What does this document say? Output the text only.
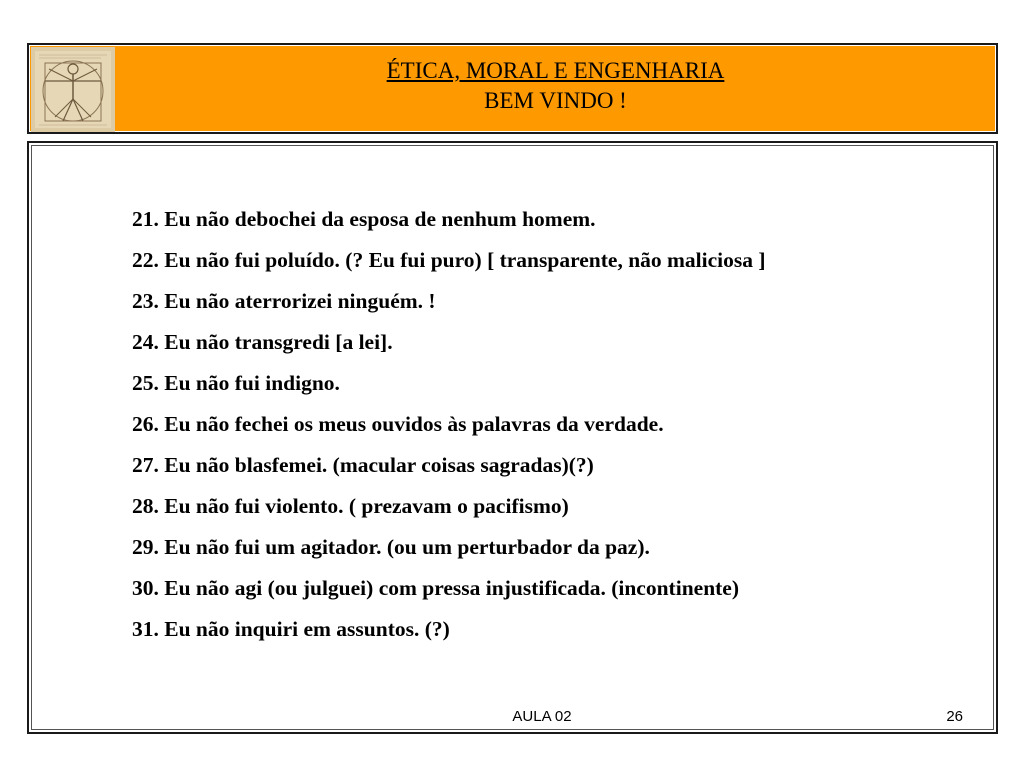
ÉTICA, MORAL E ENGENHARIA
BEM VINDO !
21. Eu não debochei da esposa de nenhum homem.
22. Eu não fui poluído. (? Eu fui puro) [ transparente, não maliciosa ]
23. Eu não aterrorizei ninguém. !
24. Eu não transgredi [a lei].
25. Eu não fui indigno.
26. Eu não fechei os meus ouvidos às palavras da verdade.
27. Eu não blasfemei. (macular coisas sagradas)(?)
28. Eu não fui violento. ( prezavam o pacifismo)
29. Eu não fui um agitador. (ou um perturbador da paz).
30. Eu não agi (ou julguei) com pressa injustificada. (incontinente)
31. Eu não inquiri em assuntos. (?)
AULA 02	26
